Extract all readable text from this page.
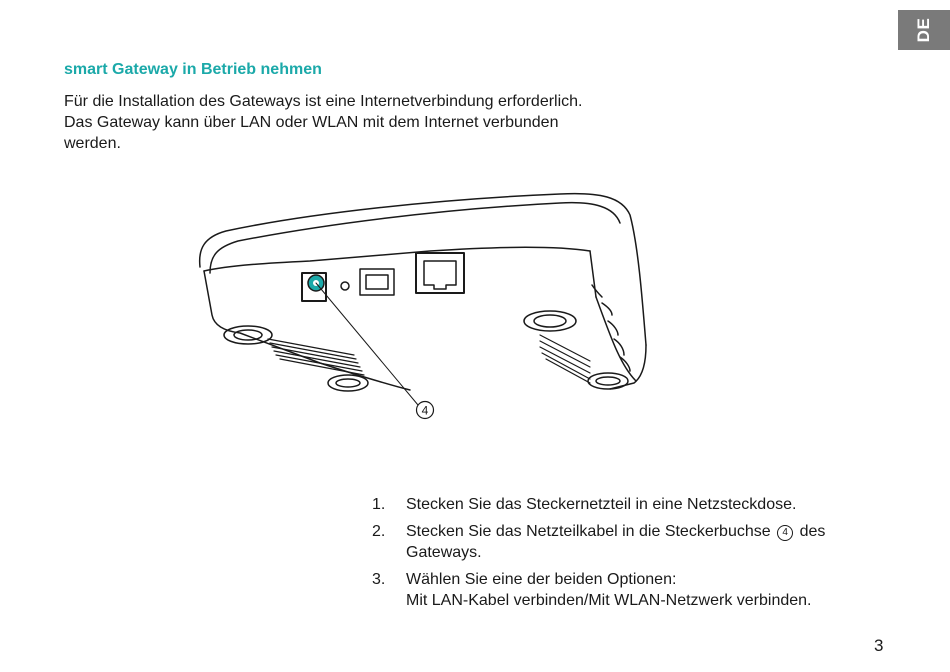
DE
smart Gateway in Betrieb nehmen

Für die Installation des Gateways ist eine Internetverbindung erforderlich. Das Gateway kann über LAN oder WLAN mit dem Internet verbunden werden.

4
1. Stecken Sie das Steckernetzteil in eine Netzsteckdose.
2. Stecken Sie das Netzteilkabel in die Steckerbuchse 4 des Gateways.
3. Wählen Sie eine der beiden Optionen:
Mit LAN-Kabel verbinden/Mit WLAN-Netzwerk verbinden.
3
